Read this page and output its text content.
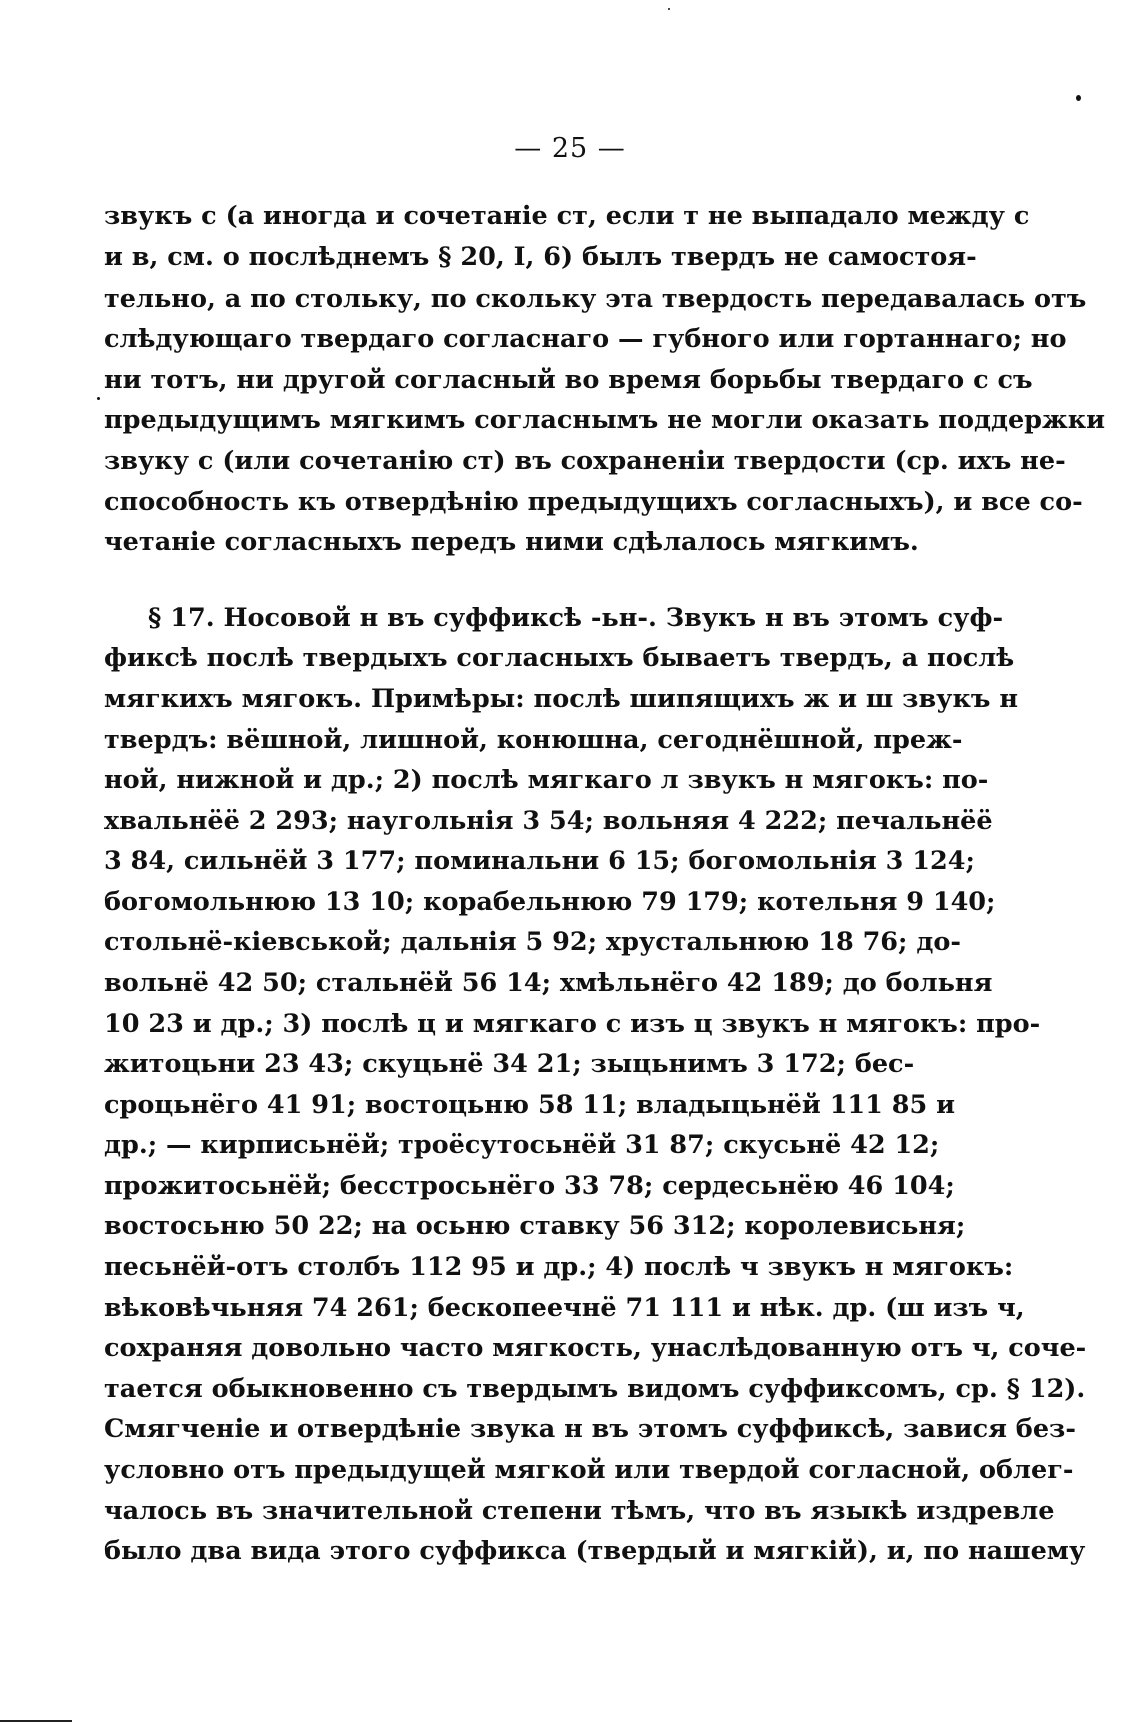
— 25 —
звукъ с (а иногда и сочетаніе ст, если т не выпадало между с
и в, см. о послѣднемъ § 20, I, 6) былъ твердъ не самостоя-
тельно, а по стольку, по скольку эта твердость передавалась отъ
слѣдующаго твердаго согласнаго — губного или гортаннаго; но
ни тотъ, ни другой согласный во время борьбы твердаго с съ
предыдущимъ мягкимъ согласнымъ не могли оказать поддержки
звуку с (или сочетанію ст) въ сохраненіи твердости (ср. ихъ не-
способность къ отвердѣнію предыдущихъ согласныхъ), и все со-
четаніе согласныхъ передъ ними сдѣлалось мягкимъ.
§ 17. Носовой н въ суффиксѣ -ьн-. Звукъ н въ этомъ суф-
фиксѣ послѣ твердыхъ согласныхъ бываетъ твердъ, а послѣ
мягкихъ мягокъ. Примѣры: послѣ шипящихъ ж и ш звукъ н
твердъ: вёшной, лишной, конюшна, сегоднёшной, преж-
ной, нижной и др.; 2) послѣ мягкаго л звукъ н мягокъ: по-
хвальнёё 2 293; наугольнія 3 54; вольняя 4 222; печальнёё
3 84, сильнёй 3 177; поминальни 6 15; богомольнія 3 124;
богомольнюю 13 10; корабельнюю 79 179; котельня 9 140;
стольнё-кіевськой; дальнія 5 92; хрустальнюю 18 76; до-
вольнё 42 50; стальнёй 56 14; хмѣльнёго 42 189; до больня
10 23 и др.; 3) послѣ ц и мягкаго с изъ ц звукъ н мягокъ: про-
житоцьни 23 43; скуцьнё 34 21; зыцьнимъ 3 172; бес-
сроцьнёго 41 91; востоцьню 58 11; владыцьнёй 111 85 и
др.; — кирписьнёй; троёсутосьнёй 31 87; скусьнё 42 12;
прожитосьнёй; бесстросьнёго 33 78; сердесьнёю 46 104;
востосьню 50 22; на осьню ставку 56 312; королевисьня;
песьнёй-отъ столбъ 112 95 и др.; 4) послѣ ч звукъ н мягокъ:
вѣковѣчьняя 74 261; бескопеечнё 71 111 и нѣк. др. (ш изъ ч,
сохраняя довольно часто мягкость, унаслѣдованную отъ ч, соче-
тается обыкновенно съ твердымъ видомъ суффиксомъ, ср. § 12).
Смягченіе и отвердѣніе звука н въ этомъ суффиксѣ, завися без-
условно отъ предыдущей мягкой или твердой согласной, облег-
чалось въ значительной степени тѣмъ, что въ языкѣ издревле
было два вида этого суффикса (твердый и мягкій), и, по нашему
